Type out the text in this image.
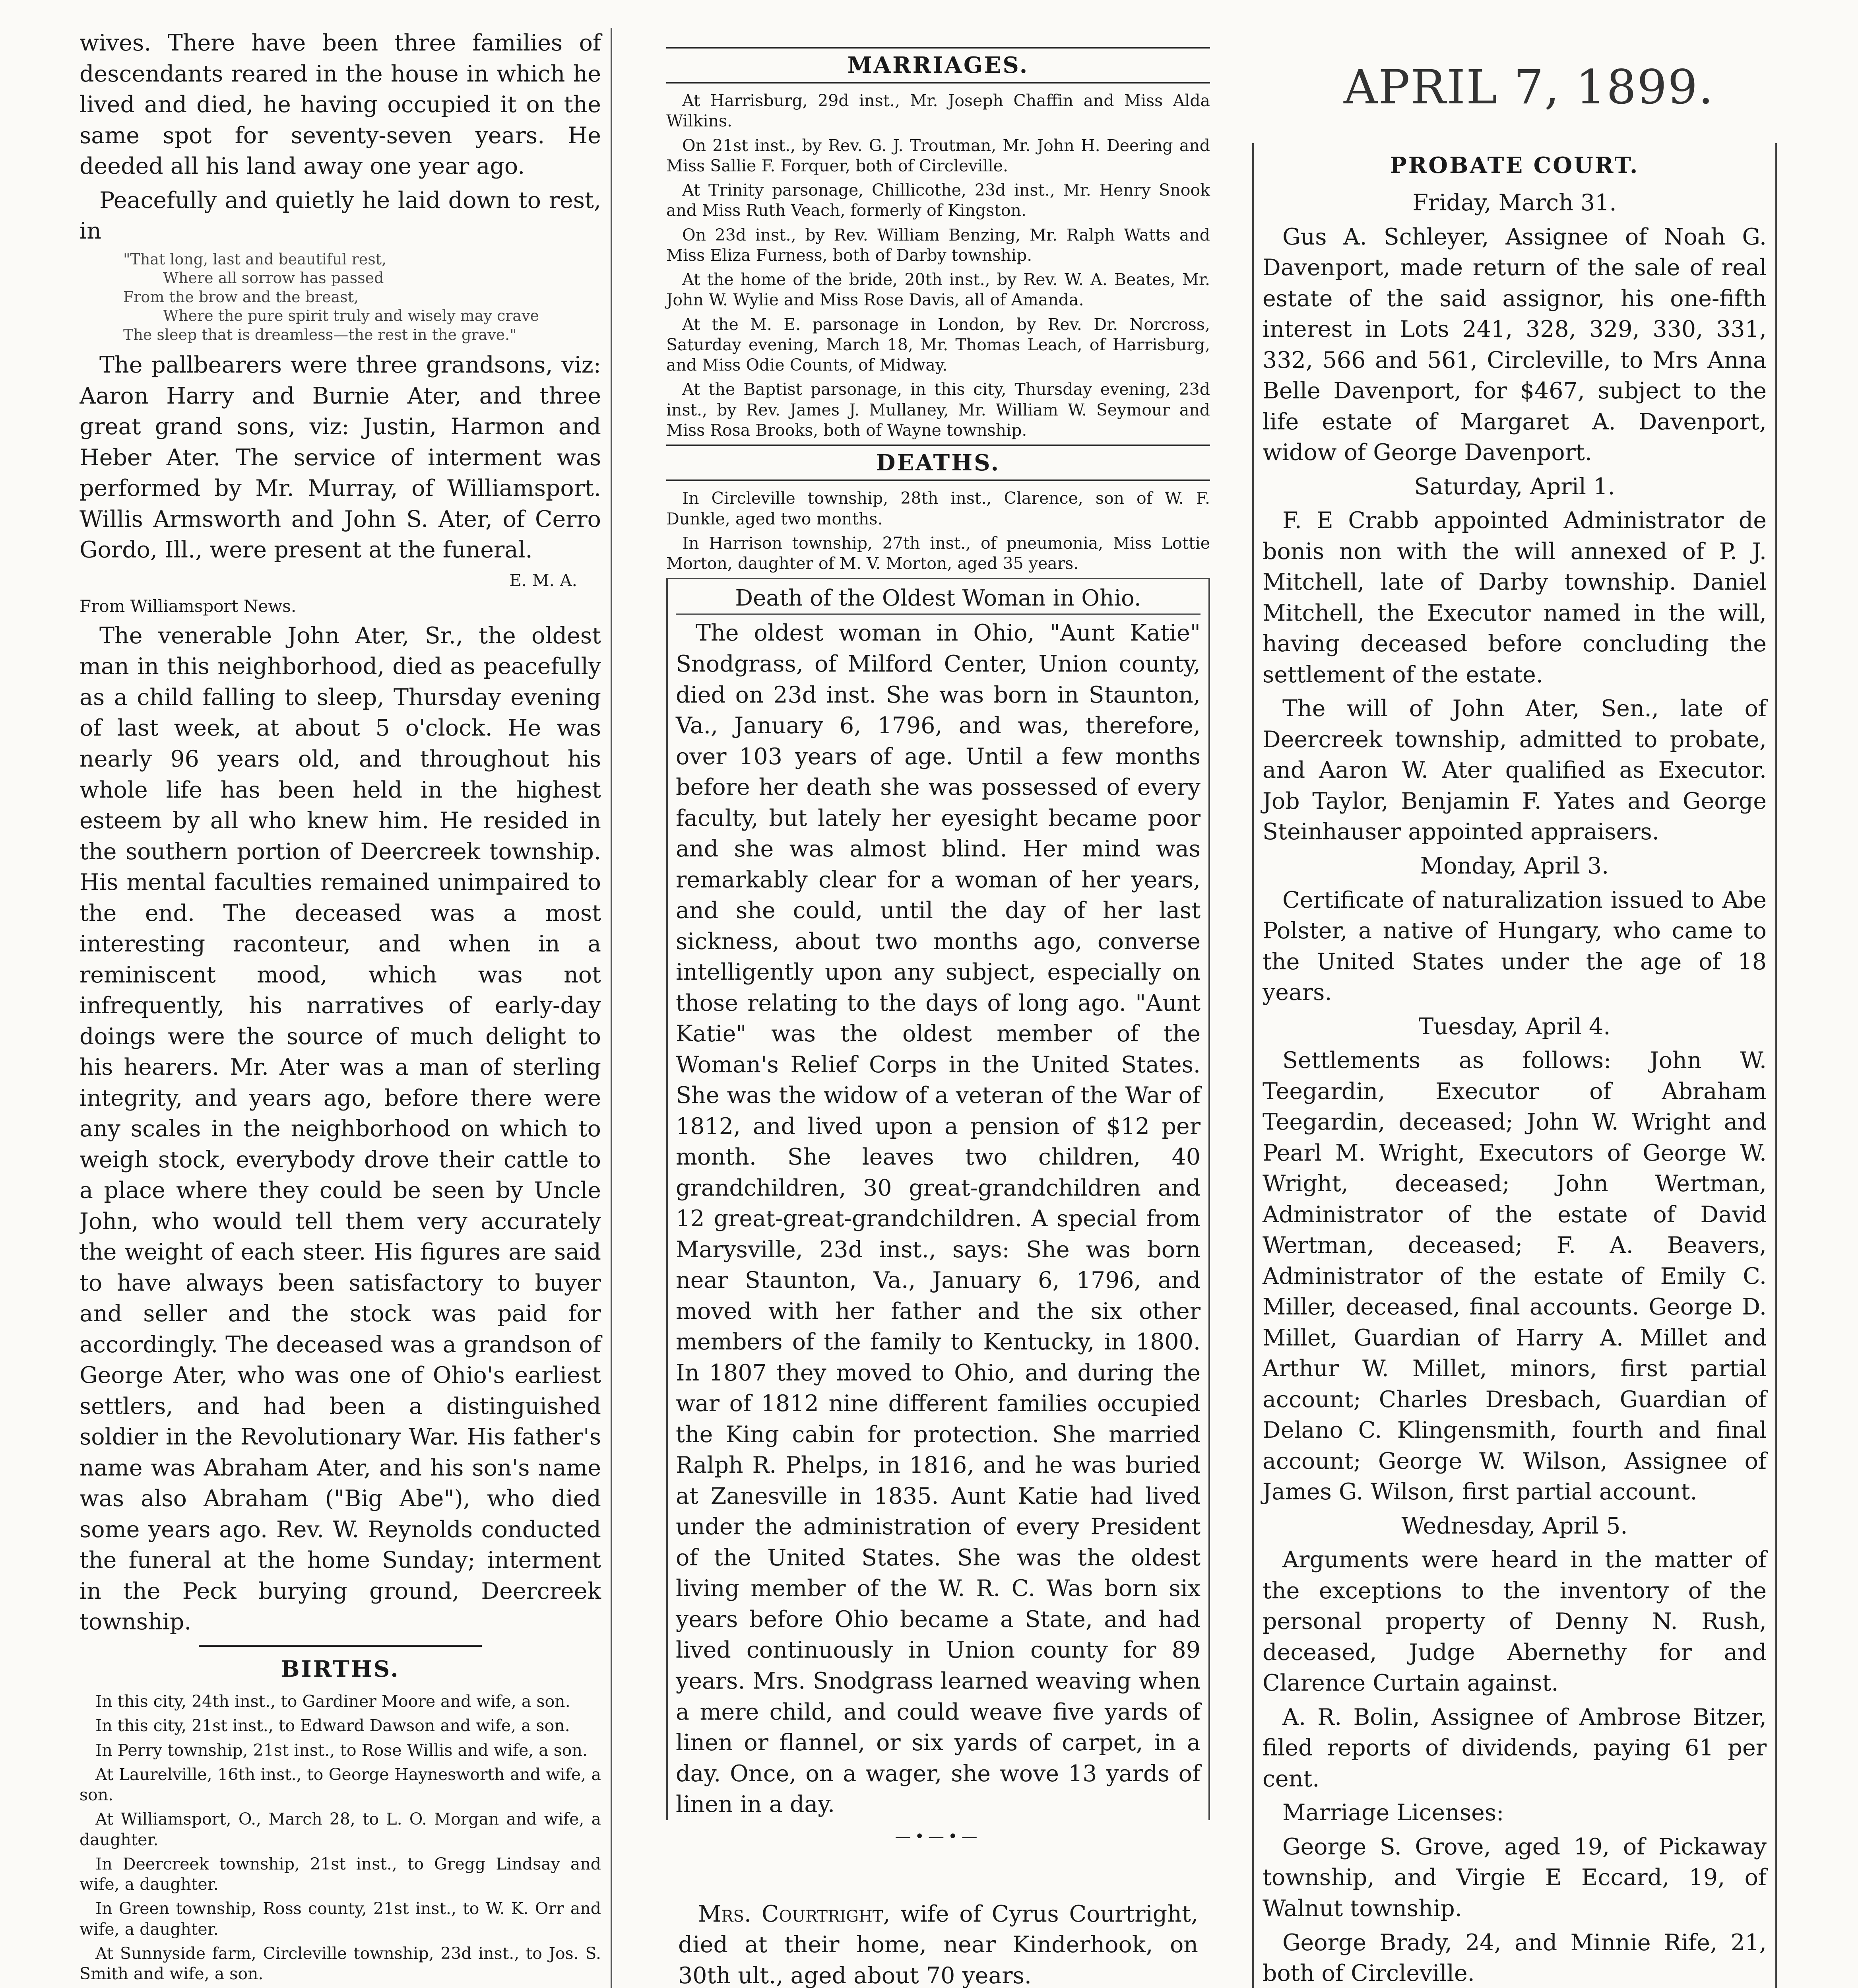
APRIL 7, 1899.

wives. There have been three families of descendants reared in the house in which he lived and died, he having occupied it on the same spot for seventy-seven years. He deeded all his land away one year ago.

Peacefully and quietly he laid down to rest, in

"That long, last and beautiful rest,
Where all sorrow has passed
From the brow and the breast,
Where the pure spirit truly and wisely may crave
The sleep that is dreamless—the rest in the grave."

The pallbearers were three grandsons, viz: Aaron Harry and Burnie Ater, and three great grand sons, viz: Justin, Harmon and Heber Ater. The service of interment was performed by Mr. Murray, of Williamsport. Willis Armsworth and John S. Ater, of Cerro Gordo, Ill., were present at the funeral.

E. M. A.

From Williamsport News.

The venerable John Ater, Sr., the oldest man in this neighborhood, died as peacefully as a child falling to sleep, Thursday evening of last week, at about 5 o'clock. He was nearly 96 years old, and throughout his whole life has been held in the highest esteem by all who knew him. He resided in the southern portion of Deercreek township. His mental faculties remained unimpaired to the end. The deceased was a most interesting raconteur, and when in a reminiscent mood, which was not infrequently, his narratives of early-day doings were the source of much delight to his hearers. Mr. Ater was a man of sterling integrity, and years ago, before there were any scales in the neighborhood on which to weigh stock, everybody drove their cattle to a place where they could be seen by Uncle John, who would tell them very accurately the weight of each steer. His figures are said to have always been satisfactory to buyer and seller and the stock was paid for accordingly. The deceased was a grandson of George Ater, who was one of Ohio's earliest settlers, and had been a distinguished soldier in the Revolutionary War. His father's name was Abraham Ater, and his son's name was also Abraham ("Big Abe"), who died some years ago. Rev. W. Reynolds conducted the funeral at the home Sunday; interment in the Peck burying ground, Deercreek township.

BIRTHS.

In this city, 24th inst., to Gardiner Moore and wife, a son.

In this city, 21st inst., to Edward Dawson and wife, a son.

In Perry township, 21st inst., to Rose Willis and wife, a son.

At Laurelville, 16th inst., to George Haynesworth and wife, a son.

At Williamsport, O., March 28, to L. O. Morgan and wife, a daughter.

In Deercreek township, 21st inst., to Gregg Lindsay and wife, a daughter.

In Green township, Ross county, 21st inst., to W. K. Orr and wife, a daughter.

At Sunnyside farm, Circleville township, 23d inst., to Jos. S. Smith and wife, a son.

MARRIAGES.

At Harrisburg, 29d inst., Mr. Joseph Chaffin and Miss Alda Wilkins.

On 21st inst., by Rev. G. J. Troutman, Mr. John H. Deering and Miss Sallie F. Forquer, both of Circleville.

At Trinity parsonage, Chillicothe, 23d inst., Mr. Henry Snook and Miss Ruth Veach, formerly of Kingston.

On 23d inst., by Rev. William Benzing, Mr. Ralph Watts and Miss Eliza Furness, both of Darby township.

At the home of the bride, 20th inst., by Rev. W. A. Beates, Mr. John W. Wylie and Miss Rose Davis, all of Amanda.

At the M. E. parsonage in London, by Rev. Dr. Norcross, Saturday evening, March 18, Mr. Thomas Leach, of Harrisburg, and Miss Odie Counts, of Midway.

At the Baptist parsonage, in this city, Thursday evening, 23d inst., by Rev. James J. Mullaney, Mr. William W. Seymour and Miss Rosa Brooks, both of Wayne township.

DEATHS.

In Circleville township, 28th inst., Clarence, son of W. F. Dunkle, aged two months.

In Harrison township, 27th inst., of pneumonia, Miss Lottie Morton, daughter of M. V. Morton, aged 35 years.

Death of the Oldest Woman in Ohio.

The oldest woman in Ohio, "Aunt Katie" Snodgrass, of Milford Center, Union county, died on 23d inst. She was born in Staunton, Va., January 6, 1796, and was, therefore, over 103 years of age. Until a few months before her death she was possessed of every faculty, but lately her eyesight became poor and she was almost blind. Her mind was remarkably clear for a woman of her years, and she could, until the day of her last sickness, about two months ago, converse intelligently upon any subject, especially on those relating to the days of long ago. "Aunt Katie" was the oldest member of the Woman's Relief Corps in the United States. She was the widow of a veteran of the War of 1812, and lived upon a pension of $12 per month. She leaves two children, 40 grandchildren, 30 great-grandchildren and 12 great-great-grandchildren. A special from Marysville, 23d inst., says: She was born near Staunton, Va., January 6, 1796, and moved with her father and the six other members of the family to Kentucky, in 1800. In 1807 they moved to Ohio, and during the war of 1812 nine different families occupied the King cabin for protection. She married Ralph R. Phelps, in 1816, and he was buried at Zanesville in 1835. Aunt Katie had lived under the administration of every President of the United States. She was the oldest living member of the W. R. C. Was born six years before Ohio became a State, and had lived continuously in Union county for 89 years. Mrs. Snodgrass learned weaving when a mere child, and could weave five yards of linen or flannel, or six yards of carpet, in a day. Once, on a wager, she wove 13 yards of linen in a day.

—•—•—

Mrs. Courtright, wife of Cyrus Courtright, died at their home, near Kinderhook, on 30th ult., aged about 70 years.

PROBATE COURT.

Friday, March 31.

Gus A. Schleyer, Assignee of Noah G. Davenport, made return of the sale of real estate of the said assignor, his one-fifth interest in Lots 241, 328, 329, 330, 331, 332, 566 and 561, Circleville, to Mrs Anna Belle Davenport, for $467, subject to the life estate of Margaret A. Davenport, widow of George Davenport.

Saturday, April 1.

F. E Crabb appointed Administrator de bonis non with the will annexed of P. J. Mitchell, late of Darby township. Daniel Mitchell, the Executor named in the will, having deceased before concluding the settlement of the estate.

The will of John Ater, Sen., late of Deercreek township, admitted to probate, and Aaron W. Ater qualified as Executor. Job Taylor, Benjamin F. Yates and George Steinhauser appointed appraisers.

Monday, April 3.

Certificate of naturalization issued to Abe Polster, a native of Hungary, who came to the United States under the age of 18 years.

Tuesday, April 4.

Settlements as follows: John W. Teegardin, Executor of Abraham Teegardin, deceased; John W. Wright and Pearl M. Wright, Executors of George W. Wright, deceased; John Wertman, Administrator of the estate of David Wertman, deceased; F. A. Beavers, Administrator of the estate of Emily C. Miller, deceased, final accounts. George D. Millet, Guardian of Harry A. Millet and Arthur W. Millet, minors, first partial account; Charles Dresbach, Guardian of Delano C. Klingensmith, fourth and final account; George W. Wilson, Assignee of James G. Wilson, first partial account.

Wednesday, April 5.

Arguments were heard in the matter of the exceptions to the inventory of the personal property of Denny N. Rush, deceased, Judge Abernethy for and Clarence Curtain against.

A. R. Bolin, Assignee of Ambrose Bitzer, filed reports of dividends, paying 61 per cent.

Marriage Licenses:

George S. Grove, aged 19, of Pickaway township, and Virgie E Eccard, 19, of Walnut township.

George Brady, 24, and Minnie Rife, 21, both of Circleville.
